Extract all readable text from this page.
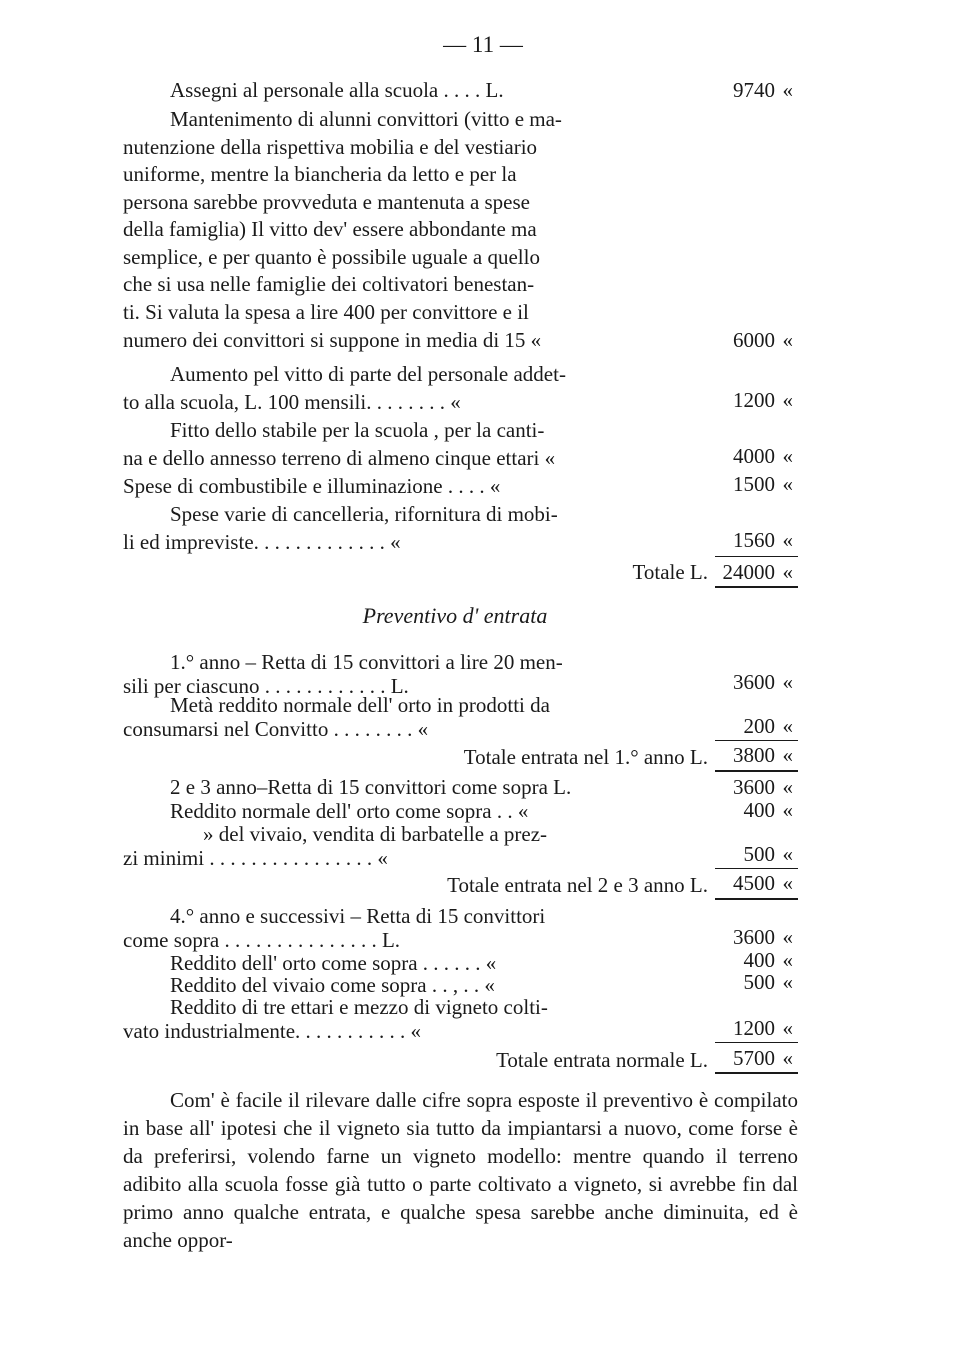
— 11 —
Assegni al personale alla scuola . . . . L.	9740 «
Mantenimento di alunni convittori (vitto e ma-
nutenzione della rispettiva mobilia e del vestiario
uniforme, mentre la biancheria da letto e per la
persona sarebbe provveduta e mantenuta a spese
della famiglia) Il vitto dev' essere abbondante ma
semplice, e per quanto è possibile uguale a quello
che si usa nelle famiglie dei coltivatori benestan-
ti. Si valuta la spesa a lire 400 per convittore e il
numero dei convittori si suppone in media di 15 «	6000 «
Aumento pel vitto di parte del personale addet-
to alla scuola, L. 100 mensili. . . . . . . . «	1200 «
Fitto dello stabile per la scuola , per la canti-
na e dello annesso terreno di almeno cinque ettari «	4000 «
Spese di combustibile e illuminazione . . . . «	1500 «
Spese varie di cancelleria, rifornitura di mobi-
li ed impreviste. . . . . . . . . . . . . «	1560 «
Totale L. 24000 «
Preventivo d' entrata
1.° anno – Retta di 15 convittori a lire 20 men-
sili per ciascuno . . . . . . . . . . . . L.	3600 «
Metà reddito normale dell' orto in prodotti da
consumarsi nel Convitto . . . . . . . . «	200 «
Totale entrata nel 1.° anno L.	3800 «
2 e 3 anno–Retta di 15 convittori come sopra L.	3600 «
Reddito normale dell' orto come sopra . . «	400 «
» del vivaio, vendita di barbatelle a prez-
zi minimi . . . . . . . . . . . . . . . . «	500 «
Totale entrata nel 2 e 3 anno L.	4500 «
4.° anno e successivi – Retta di 15 convittori
come sopra . . . . . . . . . . . . . . . L.	3600 «
Reddito dell' orto come sopra . . . . . . «	400 «
Reddito del vivaio come sopra . . , . . «	500 «
Reddito di tre ettari e mezzo di vigneto colti-
vato industrialmente. . . . . . . . . . . «	1200 «
Totale entrata normale L.	5700 «
Com' è facile il rilevare dalle cifre sopra esposte il preventivo è compilato in base all' ipotesi che il vigneto sia tutto da impiantarsi a nuovo, come forse è da preferirsi, volendo farne un vigneto modello: mentre quando il terreno adibito alla scuola fosse già tutto o parte coltivato a vigneto, si avrebbe fin dal primo anno qualche entrata, e qualche spesa sarebbe anche diminuita, ed è anche oppor-
